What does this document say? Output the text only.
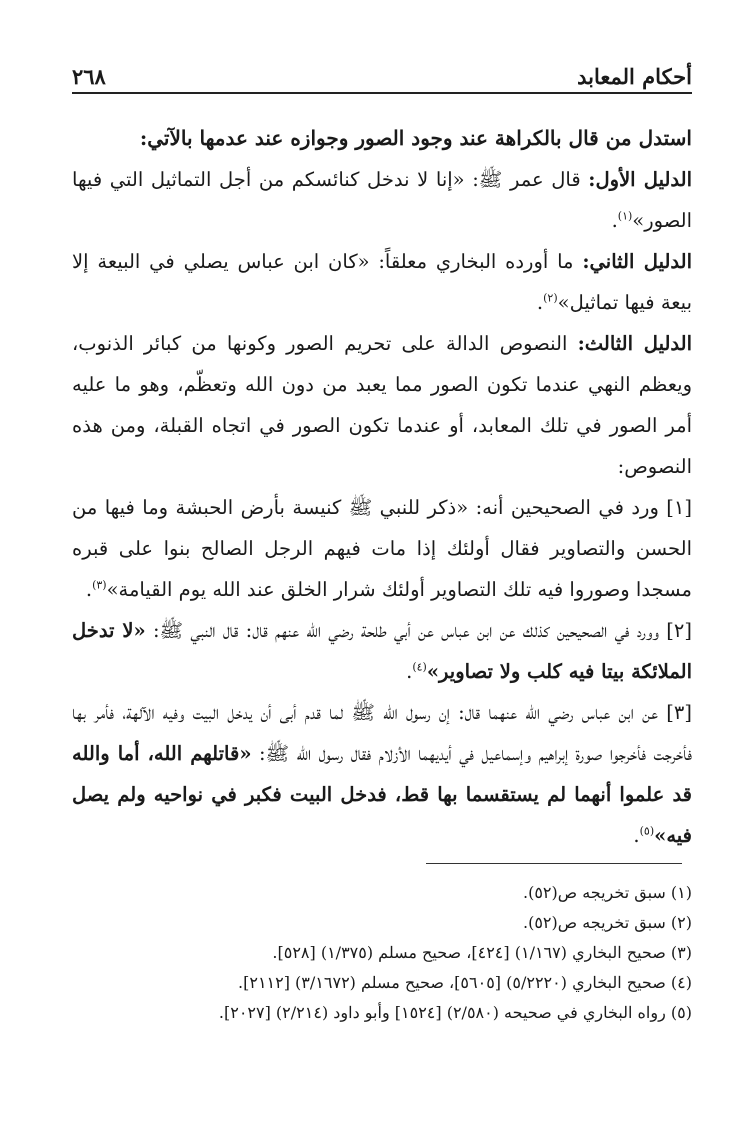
أحكام المعابد
٢٦٨

استدل من قال بالكراهة عند وجود الصور وجوازه عند عدمها بالآتي:

الدليل الأول: قال عمر ﷺ: «إنا لا ندخل كنائسكم من أجل التماثيل التي فيها الصور»$^{(١)}$.

الدليل الثاني: ما أورده البخاري معلقاً: «كان ابن عباس يصلي في البيعة إلا بيعة فيها تماثيل»$^{(٢)}$.

الدليل الثالث: النصوص الدالة على تحريم الصور وكونها من كبائر الذنوب، ويعظم النهي عندما تكون الصور مما يعبد من دون الله وتعظّم، وهو ما عليه أمر الصور في تلك المعابد، أو عندما تكون الصور في اتجاه القبلة، ومن هذه النصوص:

[١] ورد في الصحيحين أنه: «ذكر للنبي ﷺ كنيسة بأرض الحبشة وما فيها من الحسن والتصاوير فقال أولئك إذا مات فيهم الرجل الصالح بنوا على قبره مسجدا وصوروا فيه تلك التصاوير أولئك شرار الخلق عند الله يوم القيامة»$^{(٣)}$.

[٢] وورد في الصحيحين كذلك عن ابن عباس عن أبي طلحة رضي الله عنهم قال: قال النبي ﷺ: «لا تدخل الملائكة بيتا فيه كلب ولا تصاوير»$^{(٤)}$.

[٣] عن ابن عباس رضي الله عنهما قال: إن رسول الله ﷺ لما قدم أبى أن يدخل البيت وفيه الآلهة، فأمر بها فأخرجت فأخرجوا صورة إبراهيم وإسماعيل في أيديهما الأزلام فقال رسول الله ﷺ: «قاتلهم الله، أما والله قد علموا أنهما لم يستقسما بها قط، فدخل البيت فكبر في نواحيه ولم يصل فيه»$^{(٥)}$.

(١) سبق تخريجه ص(٥٢).
(٢) سبق تخريجه ص(٥٢).
(٣) صحيح البخاري (١/١٦٧) [٤٢٤]، صحيح مسلم (١/٣٧٥) [٥٢٨].
(٤) صحيح البخاري (٥/٢٢٢٠) [٥٦٠٥]، صحيح مسلم (٣/١٦٧٢) [٢١١٢].
(٥) رواه البخاري في صحيحه (٢/٥٨٠) [١٥٢٤] وأبو داود (٢/٢١٤) [٢٠٢٧].
